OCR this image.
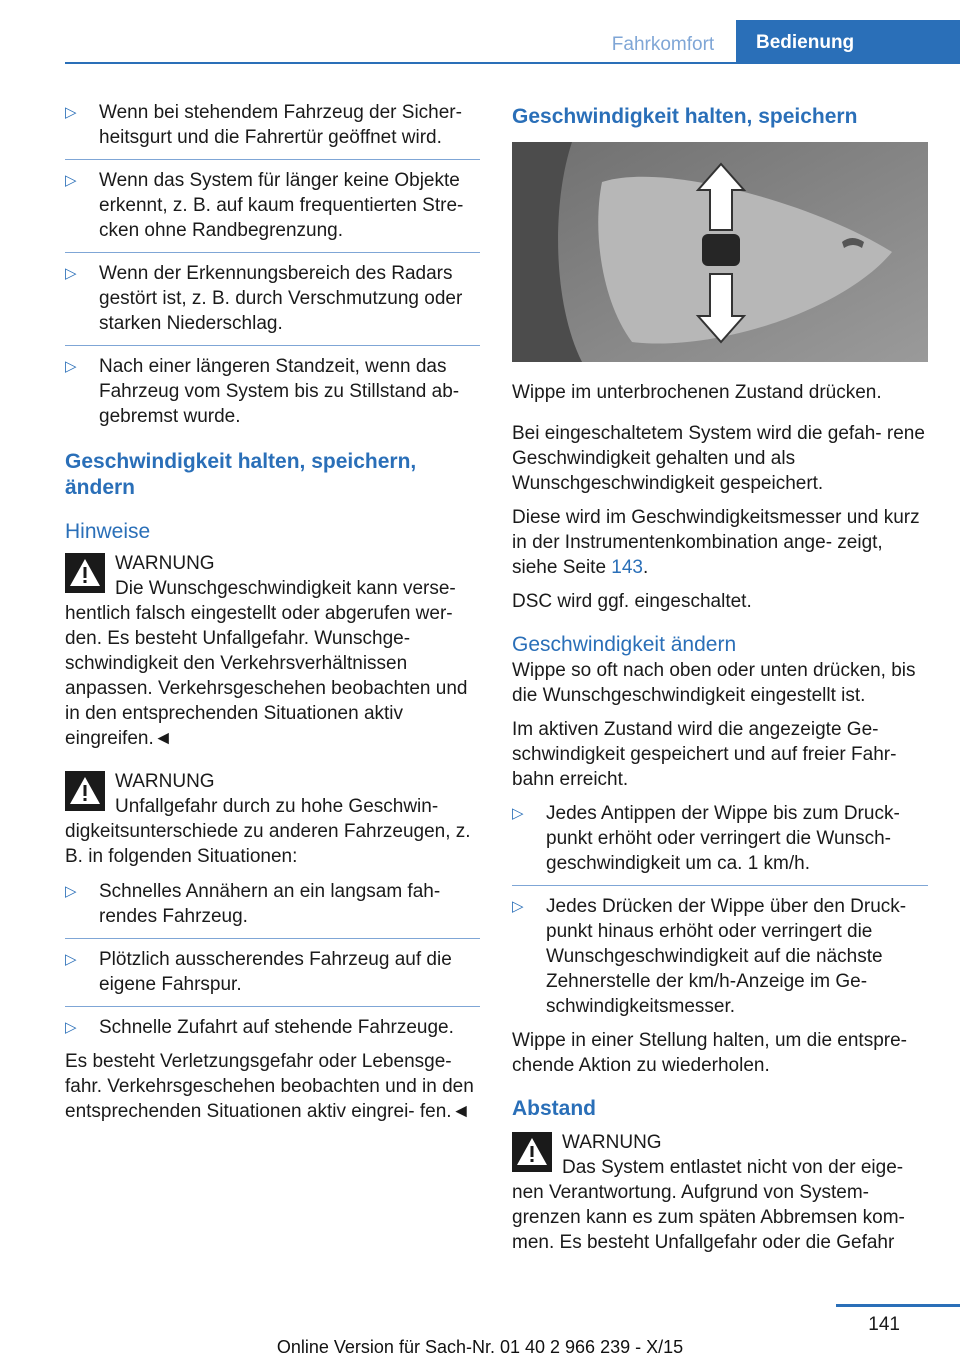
Fahrkomfort	Bedienung
▷ Wenn bei stehendem Fahrzeug der Sicher‐ heitsgurt und die Fahrertür geöffnet wird.
▷ Wenn das System für länger keine Objekte erkennt, z. B. auf kaum frequentierten Stre‐ cken ohne Randbegrenzung.
▷ Wenn der Erkennungsbereich des Radars gestört ist, z. B. durch Verschmutzung oder starken Niederschlag.
▷ Nach einer längeren Standzeit, wenn das Fahrzeug vom System bis zu Stillstand ab‐ gebremst wurde.
Geschwindigkeit halten, speichern, ändern
Hinweise
WARNUNG
Die Wunschgeschwindigkeit kann verse‐ hentlich falsch eingestellt oder abgerufen wer‐ den. Es besteht Unfallgefahr. Wunschge‐ schwindigkeit den Verkehrsverhältnissen anpassen. Verkehrsgeschehen beobachten und in den entsprechenden Situationen aktiv eingreifen.◄
WARNUNG
Unfallgefahr durch zu hohe Geschwin‐ digkeitsunterschiede zu anderen Fahrzeugen, z. B. in folgenden Situationen:
▷ Schnelles Annähern an ein langsam fah‐ rendes Fahrzeug.
▷ Plötzlich ausscherendes Fahrzeug auf die eigene Fahrspur.
▷ Schnelle Zufahrt auf stehende Fahrzeuge.

Es besteht Verletzungsgefahr oder Lebensge‐ fahr. Verkehrsgeschehen beobachten und in den entsprechenden Situationen aktiv eingrei‐ fen.◄

Geschwindigkeit halten, speichern

Wippe im unterbrochenen Zustand drücken.

Bei eingeschaltetem System wird die gefah‐ rene Geschwindigkeit gehalten und als Wunschgeschwindigkeit gespeichert.

Diese wird im Geschwindigkeitsmesser und kurz in der Instrumentenkombination ange‐ zeigt, siehe Seite 143.

DSC wird ggf. eingeschaltet.

Geschwindigkeit ändern

Wippe so oft nach oben oder unten drücken, bis die Wunschgeschwindigkeit eingestellt ist.

Im aktiven Zustand wird die angezeigte Ge‐ schwindigkeit gespeichert und auf freier Fahr‐ bahn erreicht.

▷ Jedes Antippen der Wippe bis zum Druck‐ punkt erhöht oder verringert die Wunsch‐ geschwindigkeit um ca. 1 km/h.
▷ Jedes Drücken der Wippe über den Druck‐ punkt hinaus erhöht oder verringert die Wunschgeschwindigkeit auf die nächste Zehnerstelle der km/h-Anzeige im Ge‐ schwindigkeitsmesser.

Wippe in einer Stellung halten, um die entspre‐ chende Aktion zu wiederholen.

Abstand
WARNUNG
Das System entlastet nicht von der eige‐ nen Verantwortung. Aufgrund von System‐ grenzen kann es zum späten Abbremsen kom‐ men. Es besteht Unfallgefahr oder die Gefahr
141
Online Version für Sach-Nr. 01 40 2 966 239 - X/15
